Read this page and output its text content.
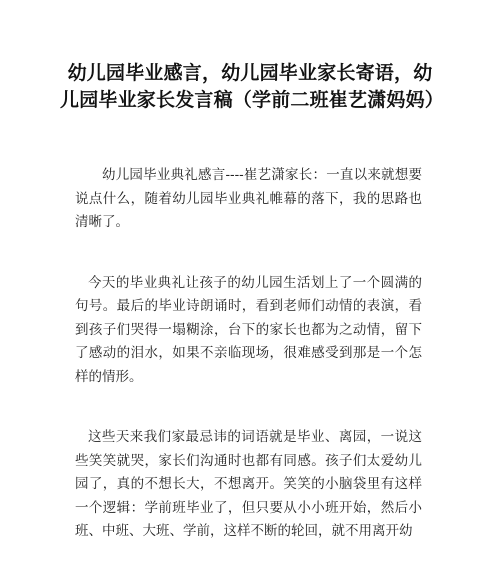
幼儿园毕业感言，幼儿园毕业家长寄语，幼儿园毕业家长发言稿（学前二班崔艺潇妈妈）

幼儿园毕业典礼感言----崔艺潇家长：一直以来就想要说点什么，随着幼儿园毕业典礼帷幕的落下，我的思路也清晰了。

今天的毕业典礼让孩子的幼儿园生活划上了一个圆满的句号。最后的毕业诗朗诵时，看到老师们动情的表演，看到孩子们哭得一塌糊涂，台下的家长也都为之动情，留下了感动的泪水，如果不亲临现场，很难感受到那是一个怎样的情形。

这些天来我们家最忌讳的词语就是毕业、离园，一说这些笑笑就哭，家长们沟通时也都有同感。孩子们太爱幼儿园了，真的不想长大，不想离开。笑笑的小脑袋里有这样一个逻辑：学前班毕业了，但只要从小小班开始，然后小班、中班、大班、学前，这样不断的轮回，就不用离开幼
